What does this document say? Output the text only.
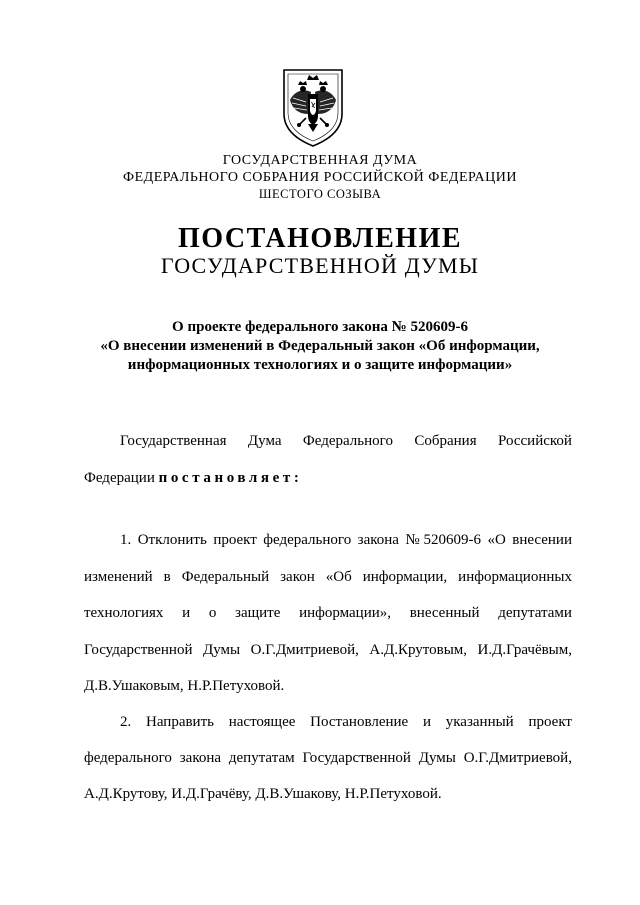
ГОСУДАРСТВЕННАЯ ДУМА
ФЕДЕРАЛЬНОГО СОБРАНИЯ РОССИЙСКОЙ ФЕДЕРАЦИИ
ШЕСТОГО СОЗЫВА
ПОСТАНОВЛЕНИЕ
ГОСУДАРСТВЕННОЙ ДУМЫ
О проекте федерального закона № 520609-6
«О внесении изменений в Федеральный закон «Об информации,
информационных технологиях и о защите информации»
Государственная Дума Федерального Собрания Российской
Федерации постановляет:
1. Отклонить проект федерального закона № 520609-6 «О внесении
изменений в Федеральный закон «Об информации, информационных
технологиях и о защите информации», внесенный депутатами
Государственной Думы О.Г.Дмитриевой, А.Д.Крутовым, И.Д.Грачёвым,
Д.В.Ушаковым, Н.Р.Петуховой.
2. Направить настоящее Постановление и указанный проект
федерального закона депутатам Государственной Думы О.Г.Дмитриевой,
А.Д.Крутову, И.Д.Грачёву, Д.В.Ушакову, Н.Р.Петуховой.
